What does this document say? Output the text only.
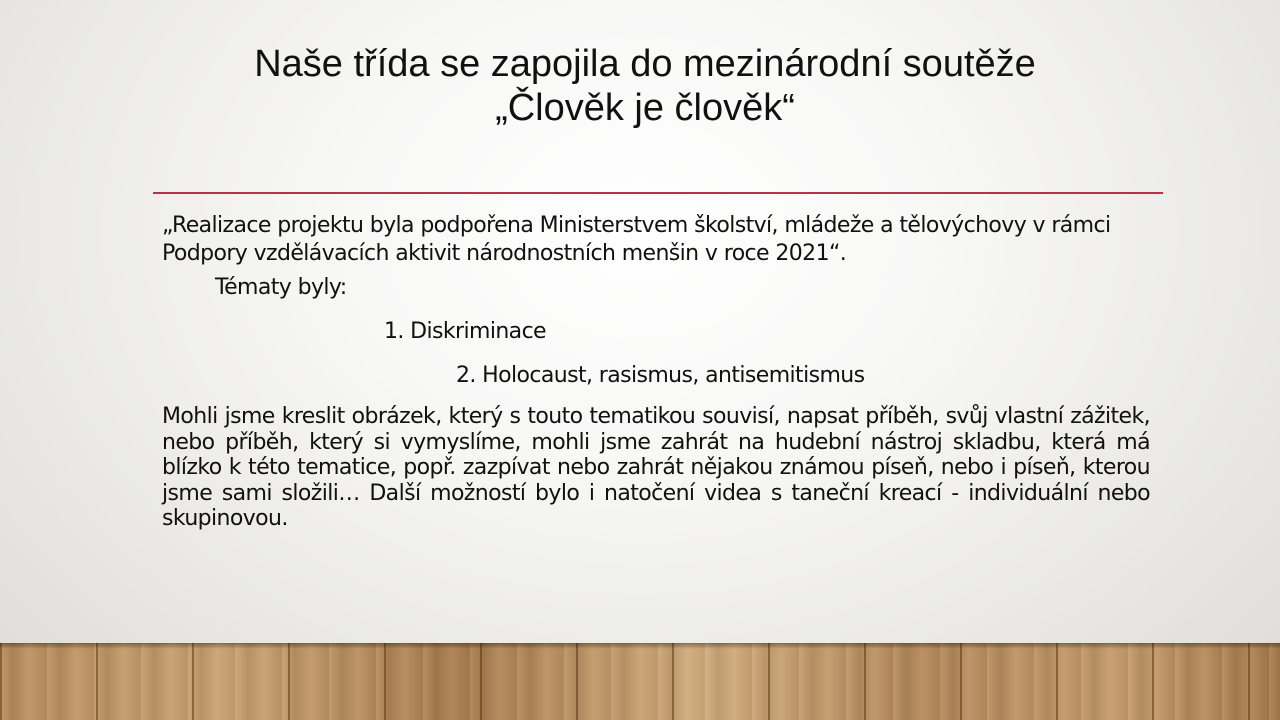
Naše třída se zapojila do mezinárodní soutěže
„Člověk je člověk“

„Realizace projektu byla podpořena Ministerstvem školství, mládeže a tělovýchovy v rámci Podpory vzdělávacích aktivit národnostních menšin v roce 2021“.

Tématy byly:

1. Diskriminace

2. Holocaust, rasismus, antisemitismus

Mohli jsme kreslit obrázek, který s touto tematikou souvisí, napsat příběh, svůj vlastní zážitek, nebo příběh, který si vymyslíme, mohli jsme zahrát na hudební nástroj skladbu, která má blízko k této tematice, popř. zazpívat nebo zahrát nějakou známou píseň, nebo i píseň, kterou jsme sami složili… Další možností bylo i natočení videa s taneční kreací - individuální nebo skupinovou.
